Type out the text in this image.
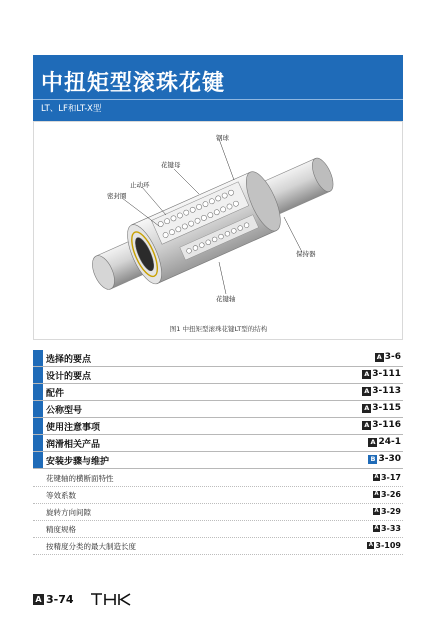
中扭矩型滚珠花键
LT、LF和LT-X型
钢球
花键母
止动环
密封圈
保持器
花键轴
图1 中扭矩型滚珠花键LT型的结构
选择的要点	A 3-6
设计的要点	A 3-111
配件	A 3-113
公称型号	A 3-115
使用注意事项	A 3-116
润滑相关产品	A 24-1
安装步骤与维护	B 3-30
花键轴的横断面特性	A 3-17
等效系数	A 3-26
旋转方向间隙	A 3-29
精度规格	A 3-33
按精度分类的最大制造长度	A 3-109
A 3-74
